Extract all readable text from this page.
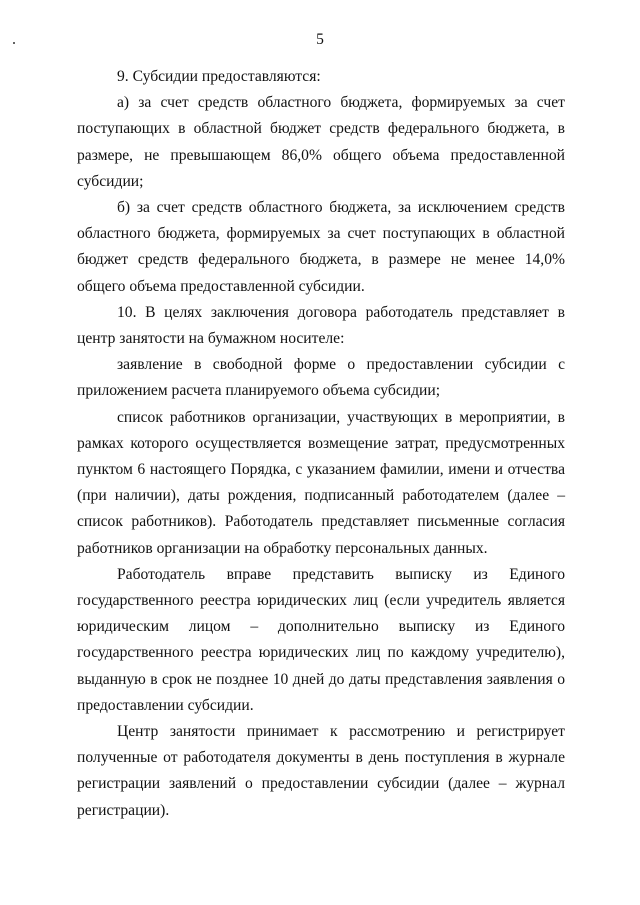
5

9. Субсидии предоставляются:

а) за счет средств областного бюджета, формируемых за счет поступающих в областной бюджет средств федерального бюджета, в размере, не превышающем 86,0% общего объема предоставленной субсидии;

б) за счет средств областного бюджета, за исключением средств областного бюджета, формируемых за счет поступающих в областной бюджет средств федерального бюджета, в размере не менее 14,0% общего объема предоставленной субсидии.

10. В целях заключения договора работодатель представляет в центр занятости на бумажном носителе:

заявление в свободной форме о предоставлении субсидии с приложением расчета планируемого объема субсидии;

список работников организации, участвующих в мероприятии, в рамках которого осуществляется возмещение затрат, предусмотренных пунктом 6 настоящего Порядка, с указанием фамилии, имени и отчества (при наличии), даты рождения, подписанный работодателем (далее – список работников). Работодатель представляет письменные согласия работников организации на обработку персональных данных.

Работодатель вправе представить выписку из Единого государственного реестра юридических лиц (если учредитель является юридическим лицом – дополнительно выписку из Единого государственного реестра юридических лиц по каждому учредителю), выданную в срок не позднее 10 дней до даты представления заявления о предоставлении субсидии.

Центр занятости принимает к рассмотрению и регистрирует полученные от работодателя документы в день поступления в журнале регистрации заявлений о предоставлении субсидии (далее – журнал регистрации).
